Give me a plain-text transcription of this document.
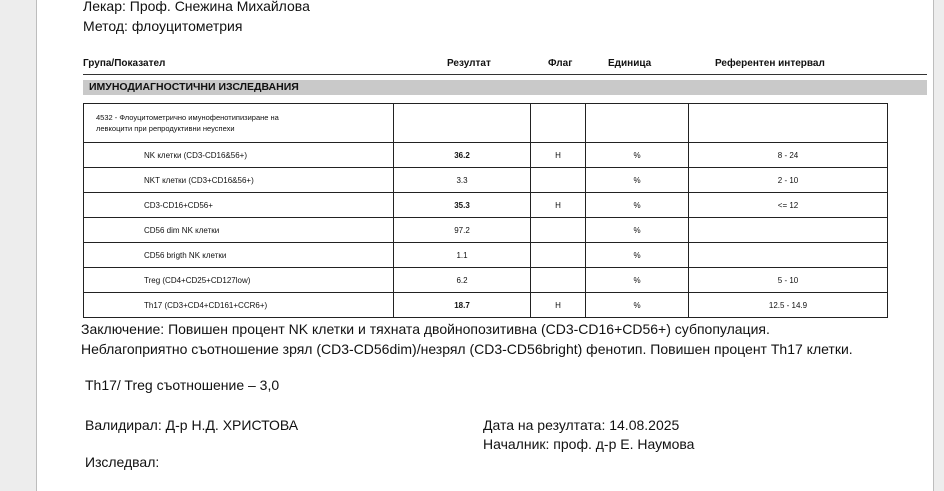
Лекар: Проф. Снежина Михайлова
Метод: флоуцитометрия
Група/Показател	Резултат	Флаг	Единица	Референтен интервал
ИМУНОДИАГНОСТИЧНИ ИЗСЛЕДВАНИЯ
4532 - Флоуцитометрично имунофенотипизиране на
левкоцити при репродуктивни неуспехи				

NK клетки (CD3-CD16&56+)	36.2	H	%	8 - 24
NKT клетки (CD3+CD16&56+)	3.3		%	2 - 10
CD3-CD16+CD56+	35.3	H	%	<= 12
CD56 dim NK клетки	97.2		%	
CD56 brigth NK клетки	1.1		%	
Treg (CD4+CD25+CD127low)	6.2		%	5 - 10
Th17 (CD3+CD4+CD161+CCR6+)	18.7	H	%	12.5 - 14.9
Заключение: Повишен процент NK клетки и тяхната двойнопозитивна (CD3-CD16+CD56+) субпопулация.
Неблагоприятно съотношение зрял (CD3-CD56dim)/незрял (CD3-CD56bright) фенотип. Повишен процент Th17 клетки.
Th17/ Treg съотношение – 3,0
Валидирал: Д-р Н.Д. ХРИСТОВА	Дата на резултата: 14.08.2025
Началник: проф. д-р Е. Наумова
Изследвал:
